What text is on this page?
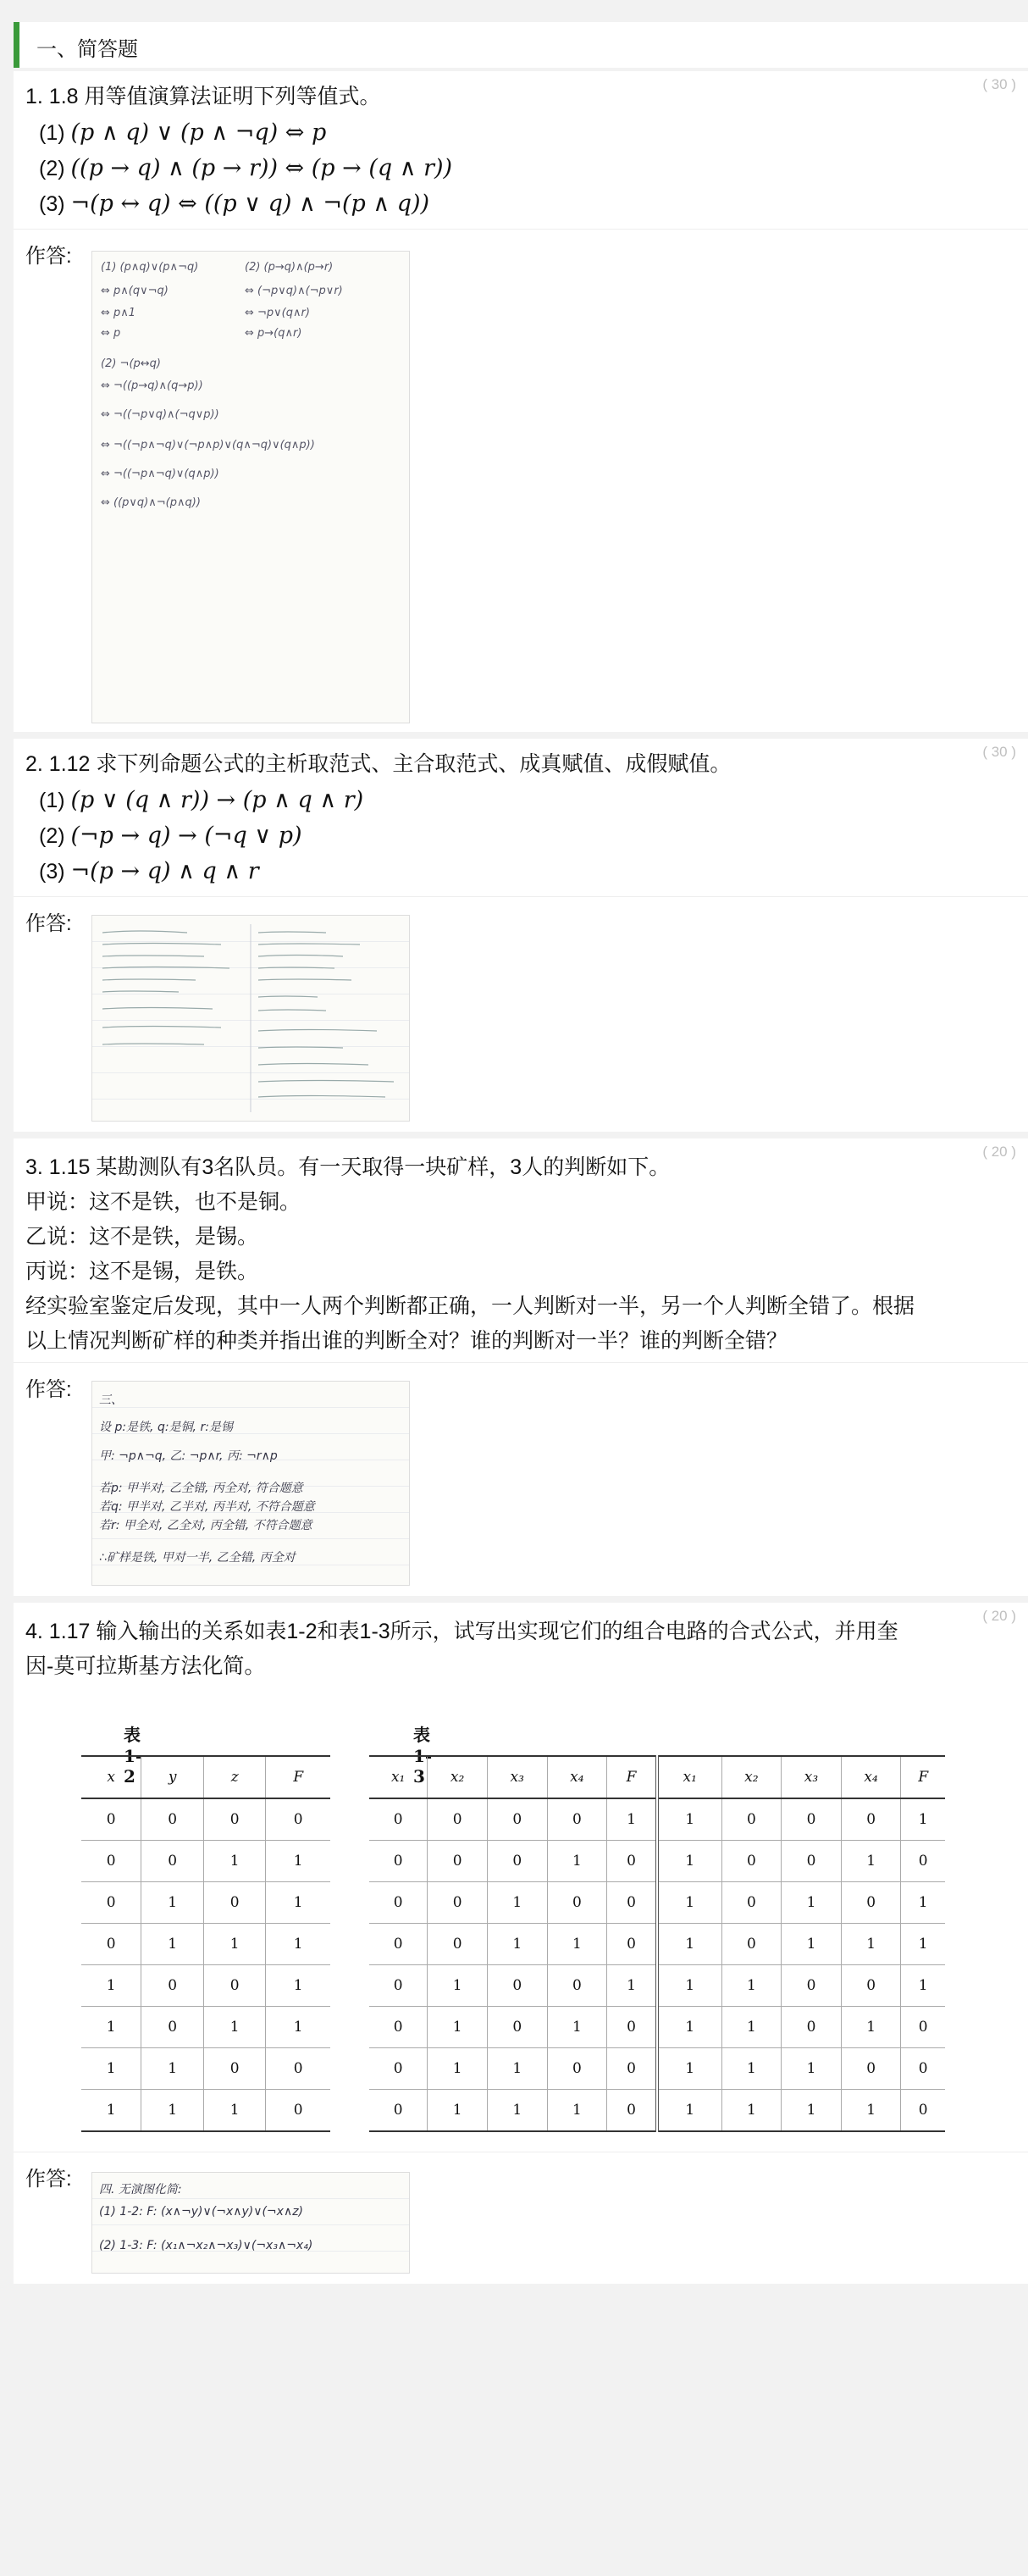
一、简答题
( 30 )
1. 1.8 用等值演算法证明下列等值式。
(1) (p ∧ q) ∨ (p ∧ ¬q) ⇔ p
(2) ((p → q) ∧ (p → r)) ⇔ (p → (q ∧ r))
(3) ¬(p ↔ q) ⇔ ((p ∨ q) ∧ ¬(p ∧ q))
作答:	(1) (p∧q)∨(p∧¬q)
⇔ p∧(q∨¬q)
⇔ p∧1
⇔ p
(2) ¬(p↔q)
⇔ ¬((p→q)∧(q→p))
⇔ ¬((¬p∨q)∧(¬q∨p))
⇔ ¬((¬p∧¬q)∨(¬p∧p)∨(q∧¬q)∨(q∧p))
⇔ ¬((¬p∧¬q)∨(q∧p))
⇔ ((p∨q)∧¬(p∧q))
(2) (p→q)∧(p→r)
⇔ (¬p∨q)∧(¬p∨r)
⇔ ¬p∨(q∧r)
⇔ p→(q∧r)
( 30 )
2. 1.12 求下列命题公式的主析取范式、主合取范式、成真赋值、成假赋值。
(1) (p ∨ (q ∧ r)) → (p ∧ q ∧ r)
(2) (¬p → q) → (¬q ∨ p)
(3) ¬(p → q) ∧ q ∧ r
作答:
( 20 )
3. 1.15 某勘测队有3名队员。有一天取得一块矿样，3人的判断如下。
甲说：这不是铁，也不是铜。
乙说：这不是铁，是锡。
丙说：这不是锡，是铁。
经实验室鉴定后发现，其中一人两个判断都正确，一人判断对一半，另一个人判断全错了。根据
以上情况判断矿样的种类并指出谁的判断全对？谁的判断对一半？谁的判断全错？
作答: 三、
设 p:是铁, q:是铜, r:是锡
甲: ¬p∧¬q, 乙: ¬p∧r, 丙: ¬r∧p
若p: 甲半对, 乙全错, 丙全对, 符合题意
若q: 甲半对, 乙半对, 丙半对, 不符合题意
若r: 甲全对, 乙全对, 丙全错, 不符合题意
∴矿样是铁, 甲对一半, 乙全错, 丙全对
( 20 )
4. 1.17 输入输出的关系如表1-2和表1-3所示，试写出实现它们的组合电路的合式公式，并用奎
因-莫可拉斯基方法化简。
表 1-2
x	y	z	F
0	0	0	0
0	0	1	1
0	1	0	1
0	1	1	1
1	0	0	1
1	0	1	1
1	1	0	0
1	1	1	0
表 1-3
x₁	x₂	x₃	x₄	F	x₁	x₂	x₃	x₄	F
0	0	0	0	1	1	0	0	0	1
0	0	0	1	0	1	0	0	1	0
0	0	1	0	0	1	0	1	0	1
0	0	1	1	0	1	0	1	1	1
0	1	0	0	1	1	1	0	0	1
0	1	0	1	0	1	1	0	1	0
0	1	1	0	0	1	1	1	0	0
0	1	1	1	0	1	1	1	1	0
作答: 四. 无演图化简:
(1) 1-2: F: (x∧¬y)∨(¬x∧y)∨(¬x∧z)
(2) 1-3: F: (x₁∧¬x₂∧¬x₃)∨(¬x₃∧¬x₄)
